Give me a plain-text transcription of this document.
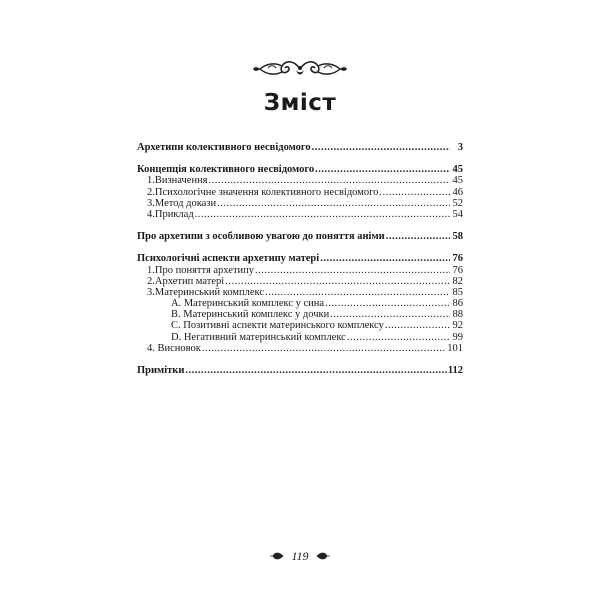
Зміст
Архетипи колективного несвідомого .....	3
Концепція колективного несвідомого .....	45
1. Визначення .....	45
2. Психологічне значення колективного несвідомого .....	46
3. Метод докази .....	52
4. Приклад .....	54
Про архетипи з особливою увагою до поняття аніми .....	58
Психологічні аспекти архетипу матері .....	76
1. Про поняття архетипу .....	76
2. Архетип матері .....	82
3. Материнський комплекс .....	85
A. Материнський комплекс у сина .....	86
B. Материнський комплекс у дочки .....	88
C. Позитивні аспекти материнського комплексу .....	92
D. Негативний материнський комплекс .....	99
4. Висновок .....	101
Примітки .....	112
119
